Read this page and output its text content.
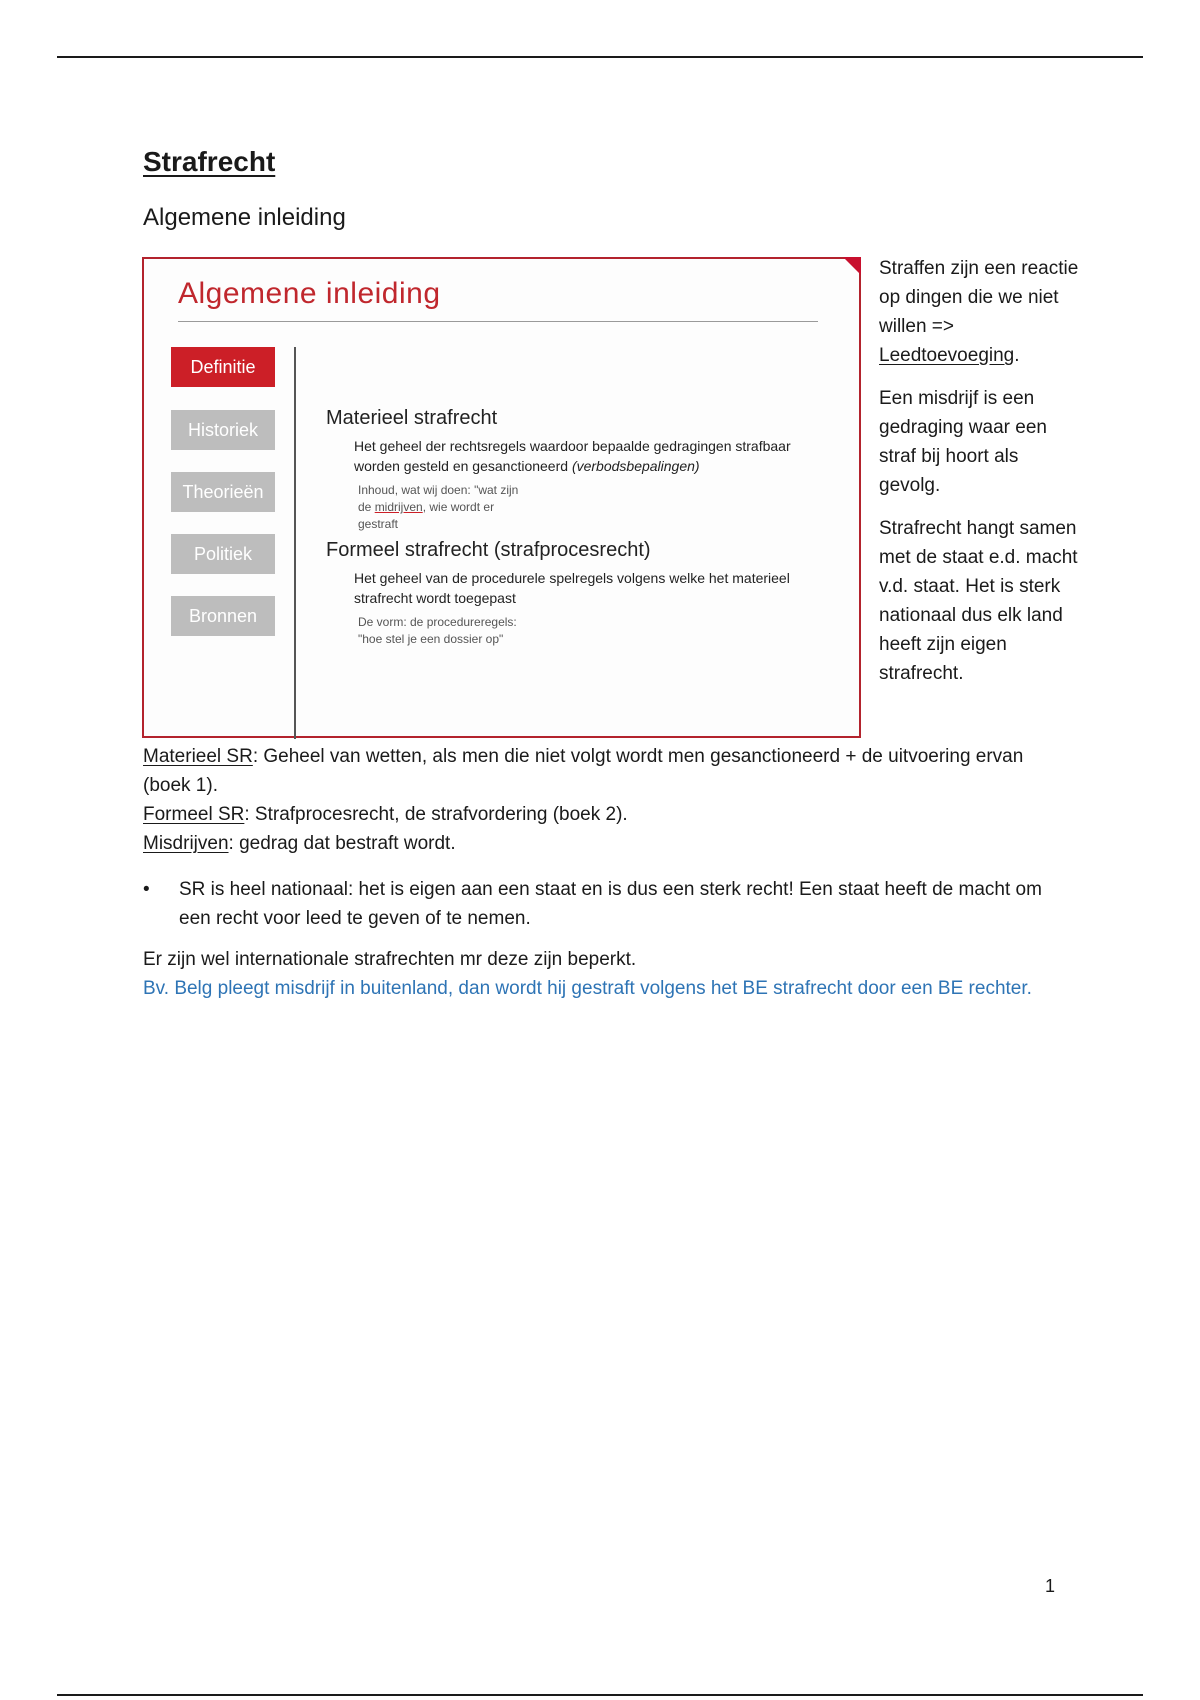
Strafrecht
Algemene inleiding
Algemene inleiding
Definitie
Historiek
Theorieën
Politiek
Bronnen
Materieel strafrecht

Het geheel der rechtsregels waardoor bepaalde gedragingen strafbaar worden gesteld en gesanctioneerd (verbodsbepalingen)

Inhoud, wat wij doen: "wat zijn de midrijven, wie wordt er gestraft

Formeel strafrecht (strafprocesrecht)

Het geheel van de procedurele spelregels volgens welke het materieel strafrecht wordt toegepast

De vorm: de procedureregels:
"hoe stel je een dossier op"

Straffen zijn een reactie op dingen die we niet willen => Leedtoevoeging.

Een misdrijf is een gedraging waar een straf bij hoort als gevolg.

Strafrecht hangt samen met de staat e.d. macht v.d. staat. Het is sterk nationaal dus elk land heeft zijn eigen strafrecht.

Materieel SR: Geheel van wetten, als men die niet volgt wordt men gesanctioneerd + de uitvoering ervan (boek 1).

Formeel SR: Strafprocesrecht, de strafvordering (boek 2).

Misdrijven: gedrag dat bestraft wordt.

• SR is heel nationaal: het is eigen aan een staat en is dus een sterk recht! Een staat heeft de macht om een recht voor leed te geven of te nemen.

Er zijn wel internationale strafrechten mr deze zijn beperkt.

Bv. Belg pleegt misdrijf in buitenland, dan wordt hij gestraft volgens het BE strafrecht door een BE rechter.

1
